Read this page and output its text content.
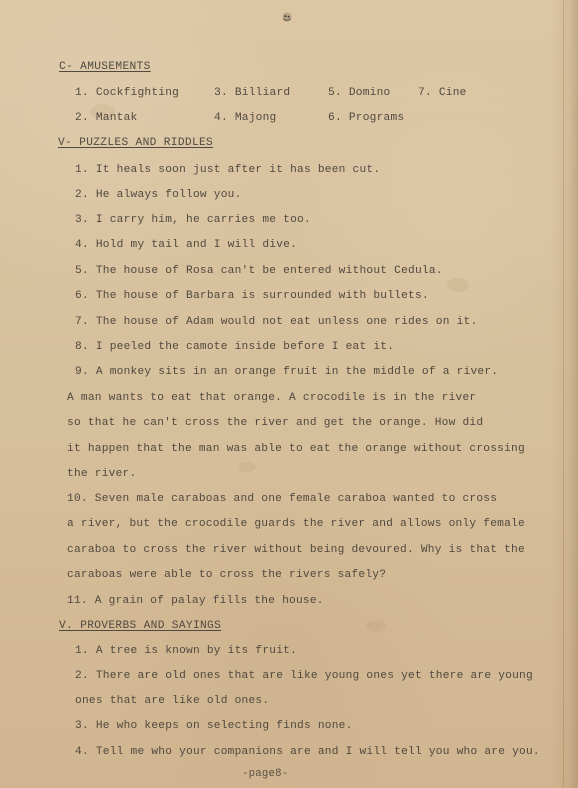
C- AMUSEMENTS
1. Cockfighting	3. Billiard	5. Domino 7. Cine
2. Mantak	4. Majong	6. Programs
V- PUZZLES AND RIDDLES
1. It heals soon just after it has been cut.
2. He always follow you.
3. I carry him, he carries me too.
4. Hold my tail and I will dive.
5. The house of Rosa can't be entered without Cedula.
6. The house of Barbara is surrounded with bullets.
7. The house of Adam would not eat unless one rides on it.
8. I peeled the camote inside before I eat it.
9. A monkey sits in an orange fruit in the middle of a river.
A man wants to eat that orange. A crocodile is in the river
so that he can't cross the river and get the orange. How did
it happen that the man was able to eat the orange without crossing
the river.
10. Seven male caraboas and one female caraboa wanted to cross
a river, but the crocodile guards the river and allows only female
caraboa to cross the river without being devoured. Why is that the
caraboas were able to cross the rivers safely?
11. A grain of palay fills the house.
V. PROVERBS AND SAYINGS
1. A tree is known by its fruit.
2. There are old ones that are like young ones yet there are young
ones that are like old ones.
3. He who keeps on selecting finds none.
4. Tell me who your companions are and I will tell you who are you.
-page8-
